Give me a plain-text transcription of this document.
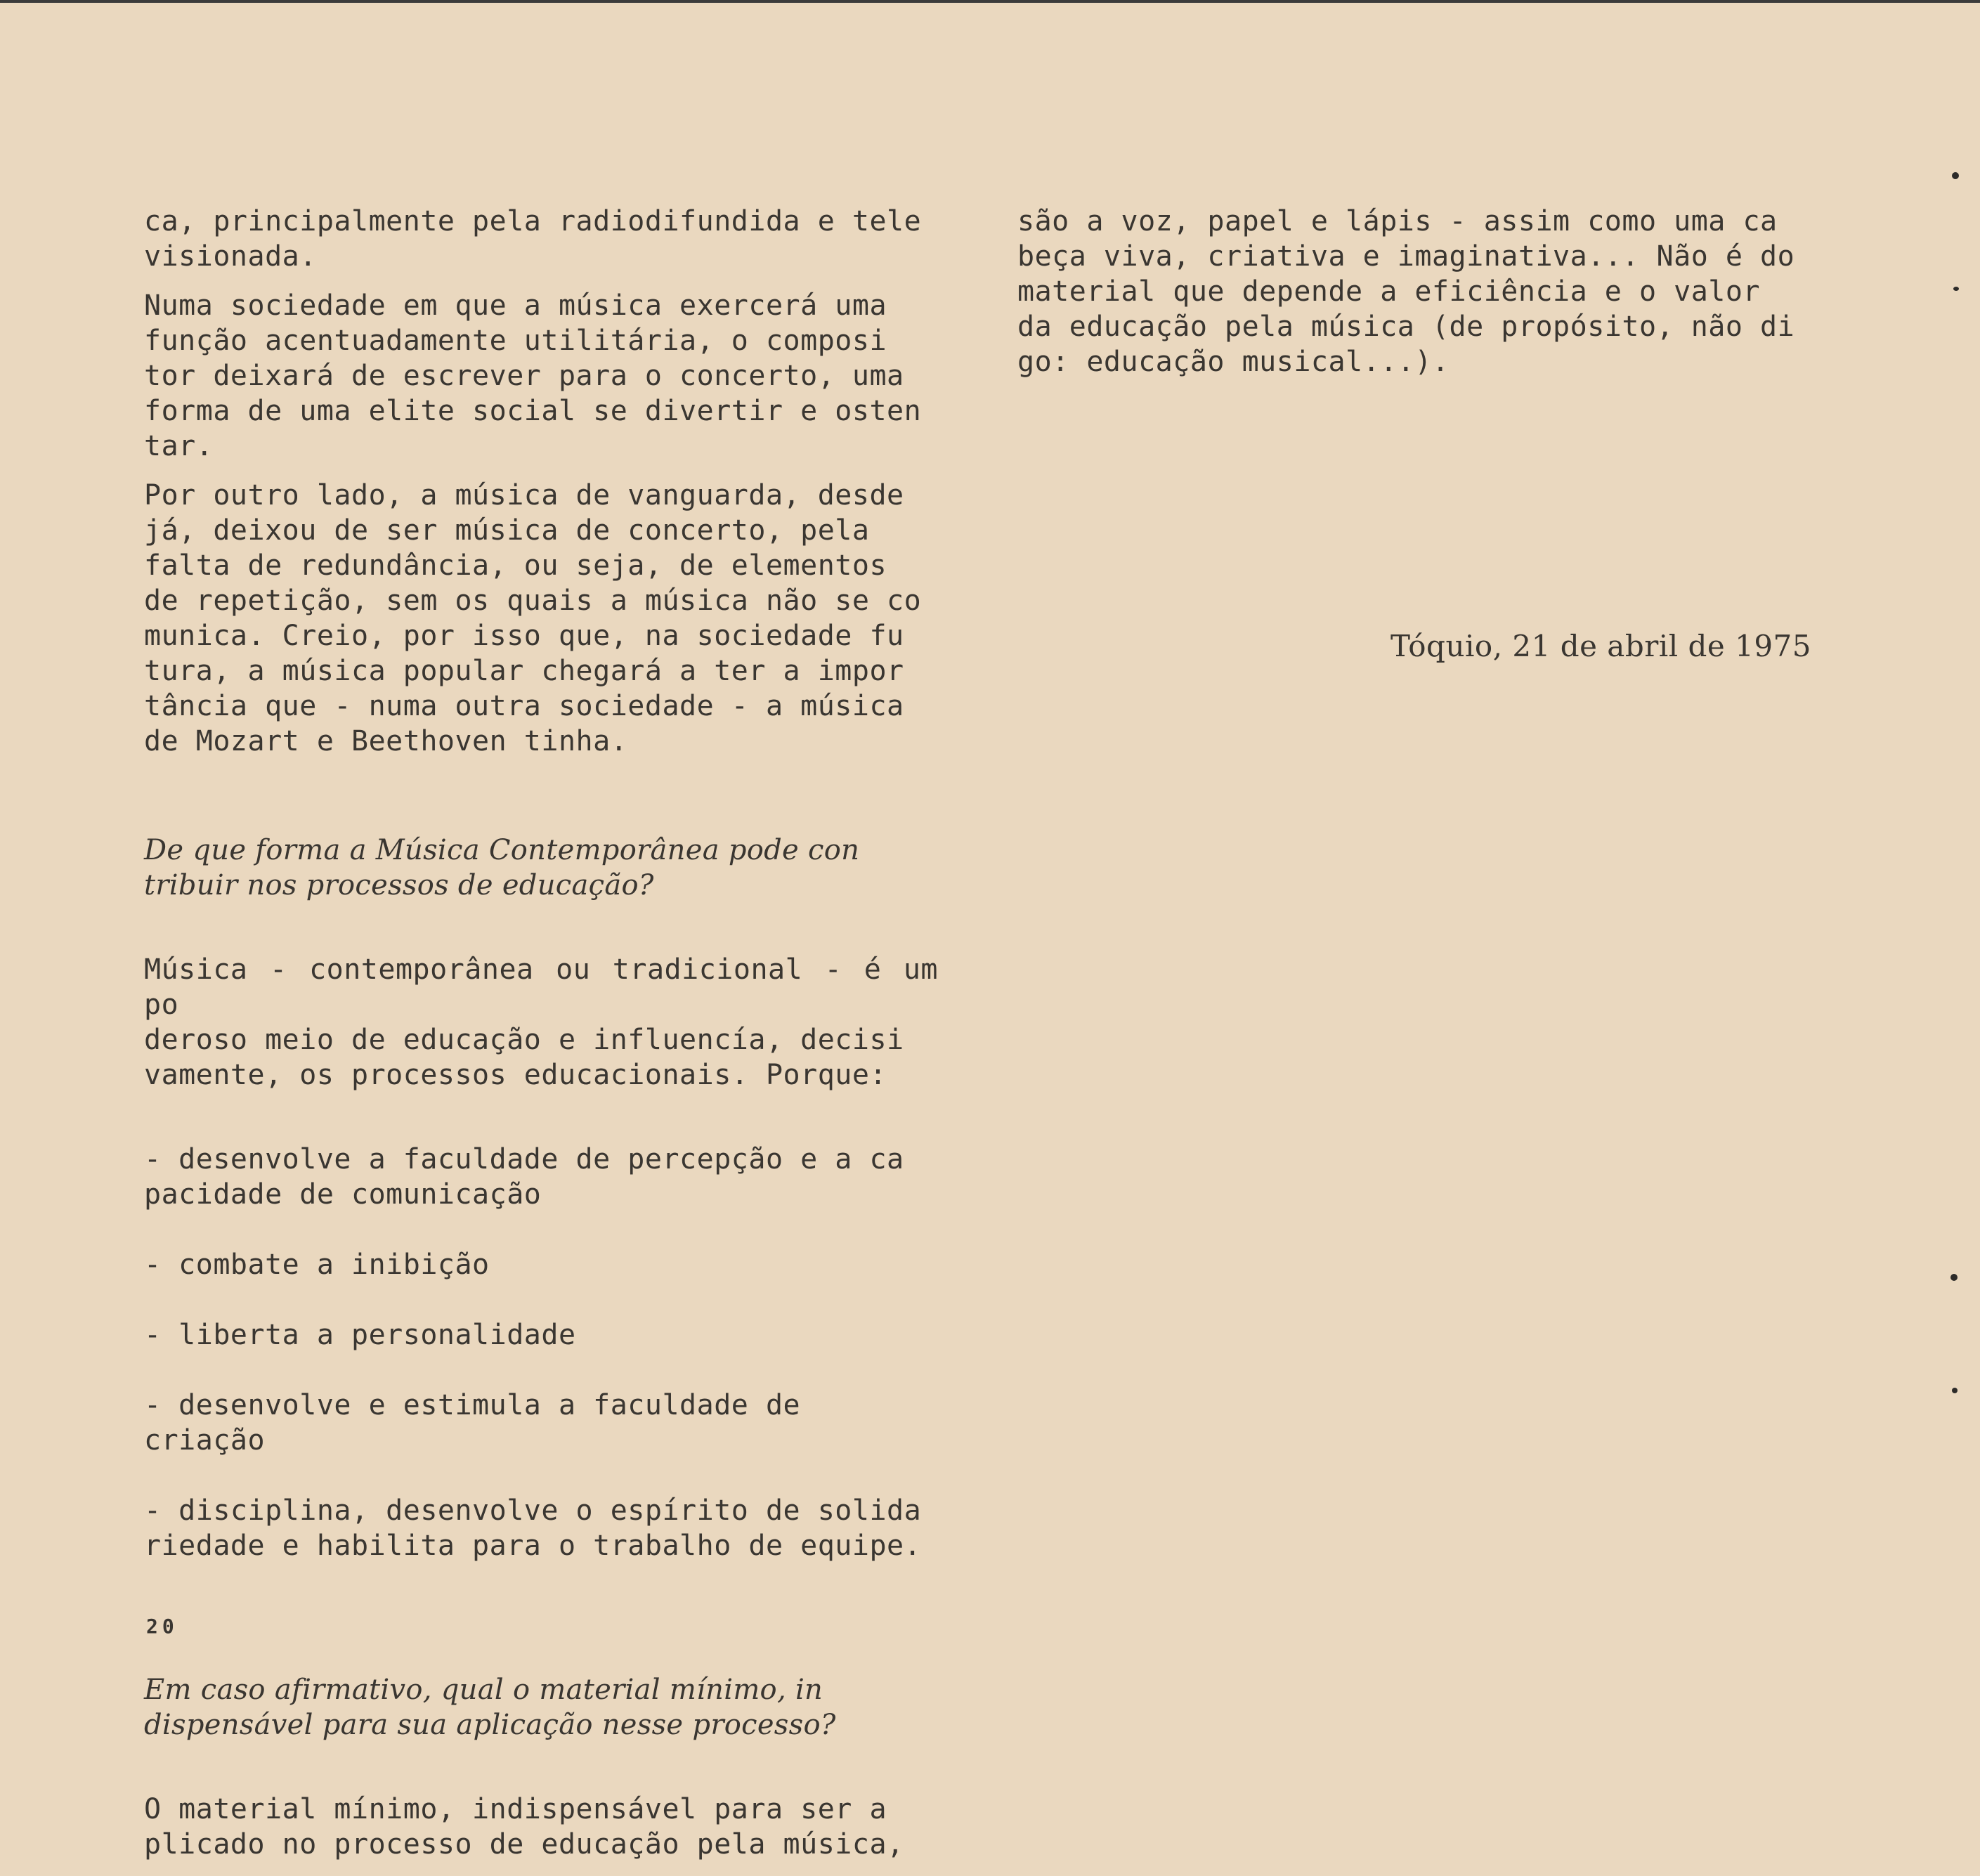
ca, principalmente pela radiodifundida e tele
visionada.

Numa sociedade em que a música exercerá uma
função acentuadamente utilitária, o composi
tor deixará de escrever para o concerto, uma
forma de uma elite social se divertir e osten
tar.

Por outro lado, a música de vanguarda, desde
já, deixou de ser música de concerto, pela
falta de redundância, ou seja, de elementos
de repetição, sem os quais a música não se co
munica. Creio, por isso que, na sociedade fu
tura, a música popular chegará a ter a impor
tância que - numa outra sociedade - a música
de Mozart e Beethoven tinha.

De que forma a Música Contemporânea pode con
tribuir nos processos de educação?

Música - contemporânea ou tradicional - é um po
deroso meio de educação e influencía, decisi
vamente, os processos educacionais. Porque:

- desenvolve a faculdade de percepção e a ca
pacidade de comunicação

- combate a inibição

- liberta a personalidade

- desenvolve e estimula a faculdade de criação

- disciplina, desenvolve o espírito de solida
riedade e habilita para o trabalho de equipe.

Em caso afirmativo, qual o material mínimo, in
dispensável para sua aplicação nesse processo?

O material mínimo, indispensável para ser a
plicado no processo de educação pela música,

são a voz, papel e lápis - assim como uma ca
beça viva, criativa e imaginativa... Não é do
material que depende a eficiência e o valor
da educação pela música (de propósito, não di
go: educação musical...).

Tóquio, 21 de abril de 1975
20
